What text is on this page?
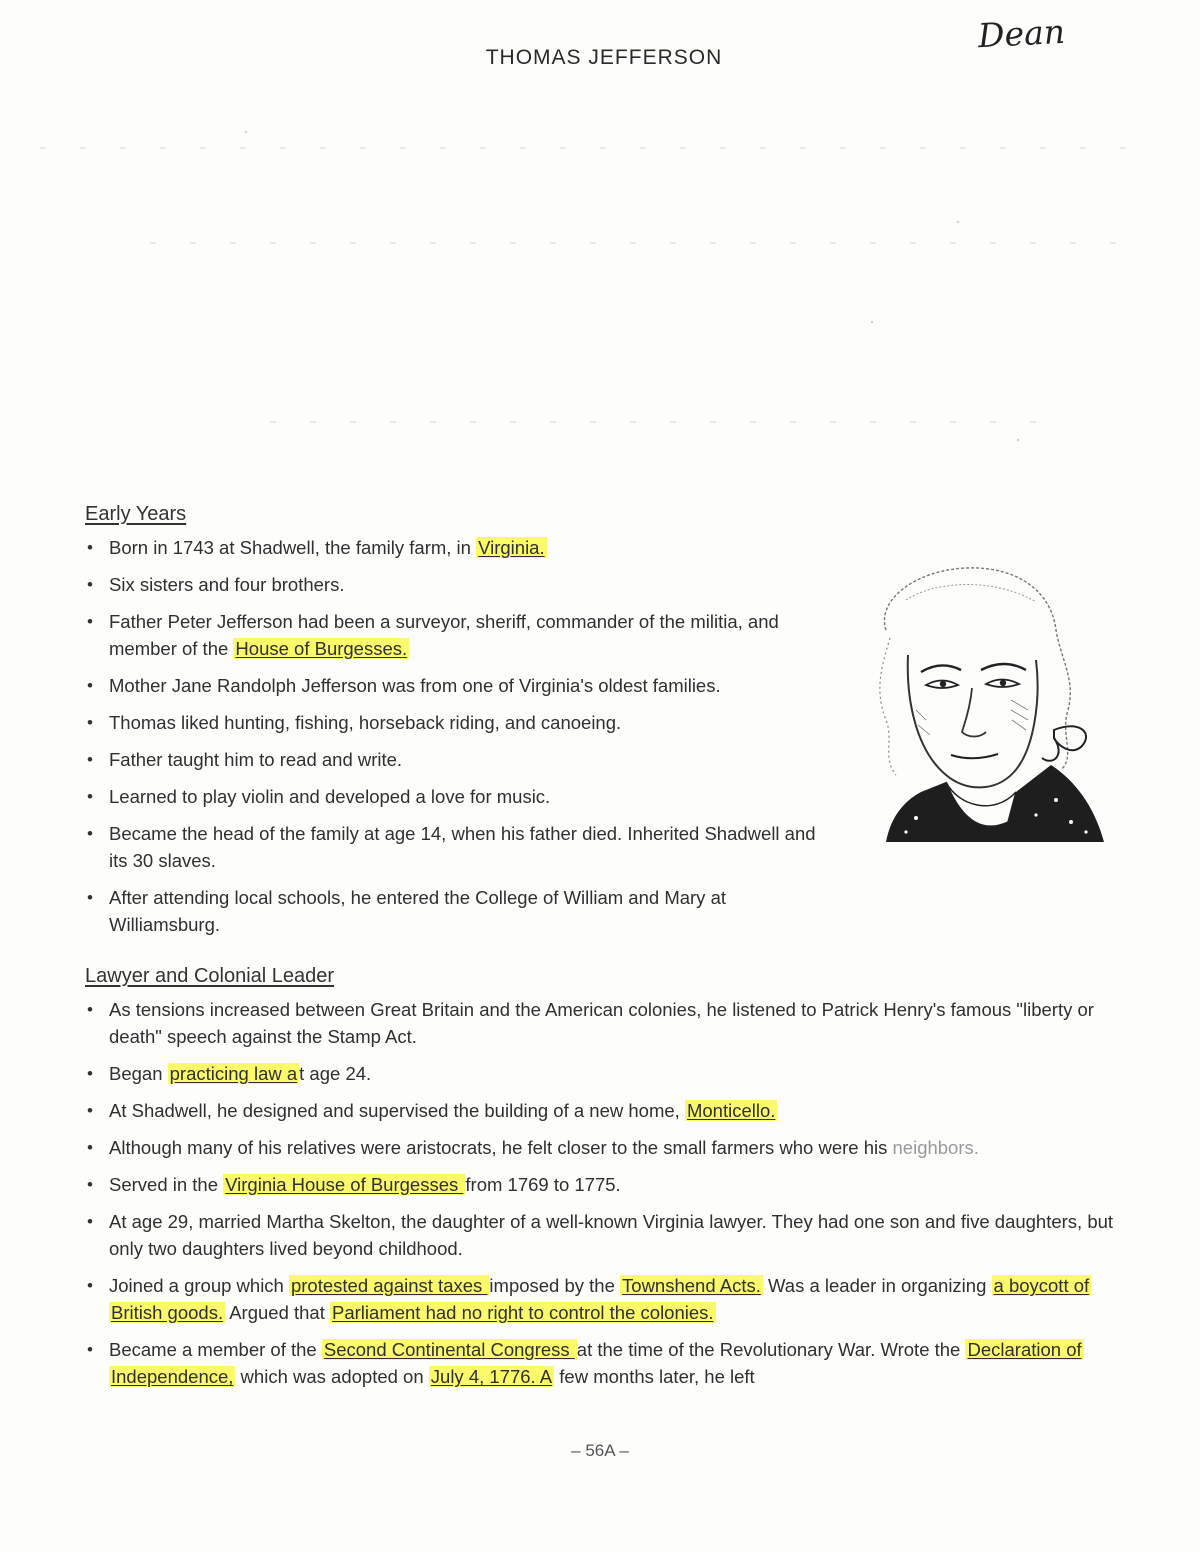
THOMAS JEFFERSON
Dean
Early Years
• Born in 1743 at Shadwell, the family farm, in Virginia.
• Six sisters and four brothers.
• Father Peter Jefferson had been a surveyor, sheriff, commander of the militia, and member of the House of Burgesses.
• Mother Jane Randolph Jefferson was from one of Virginia's oldest families.
• Thomas liked hunting, fishing, horseback riding, and canoeing.
• Father taught him to read and write.
• Learned to play violin and developed a love for music.
• Became the head of the family at age 14, when his father died. Inherited Shadwell and its 30 slaves.
• After attending local schools, he entered the College of William and Mary at Williamsburg.
Lawyer and Colonial Leader
• As tensions increased between Great Britain and the American colonies, he listened to Patrick Henry's famous "liberty or death" speech against the Stamp Act.
• Began practicing law a t age 24.
• At Shadwell, he designed and supervised the building of a new home, Monticello.
• Although many of his relatives were aristocrats, he felt closer to the small farmers who were his neighbors.
• Served in the Virginia House of Burgesses from 1769 to 1775.
• At age 29, married Martha Skelton, the daughter of a well-known Virginia lawyer. They had one son and five daughters, but only two daughters lived beyond childhood.
• Joined a group which protested against taxes imposed by the Townshend Acts. Was a leader in organizing a boycott of British goods. Argued that Parliament had no right to control the colonies.
• Became a member of the Second Continental Congress at the time of the Revolutionary War. Wrote the Declaration of Independence, which was adopted on July 4, 1776. A few months later, he left
– 56A –
